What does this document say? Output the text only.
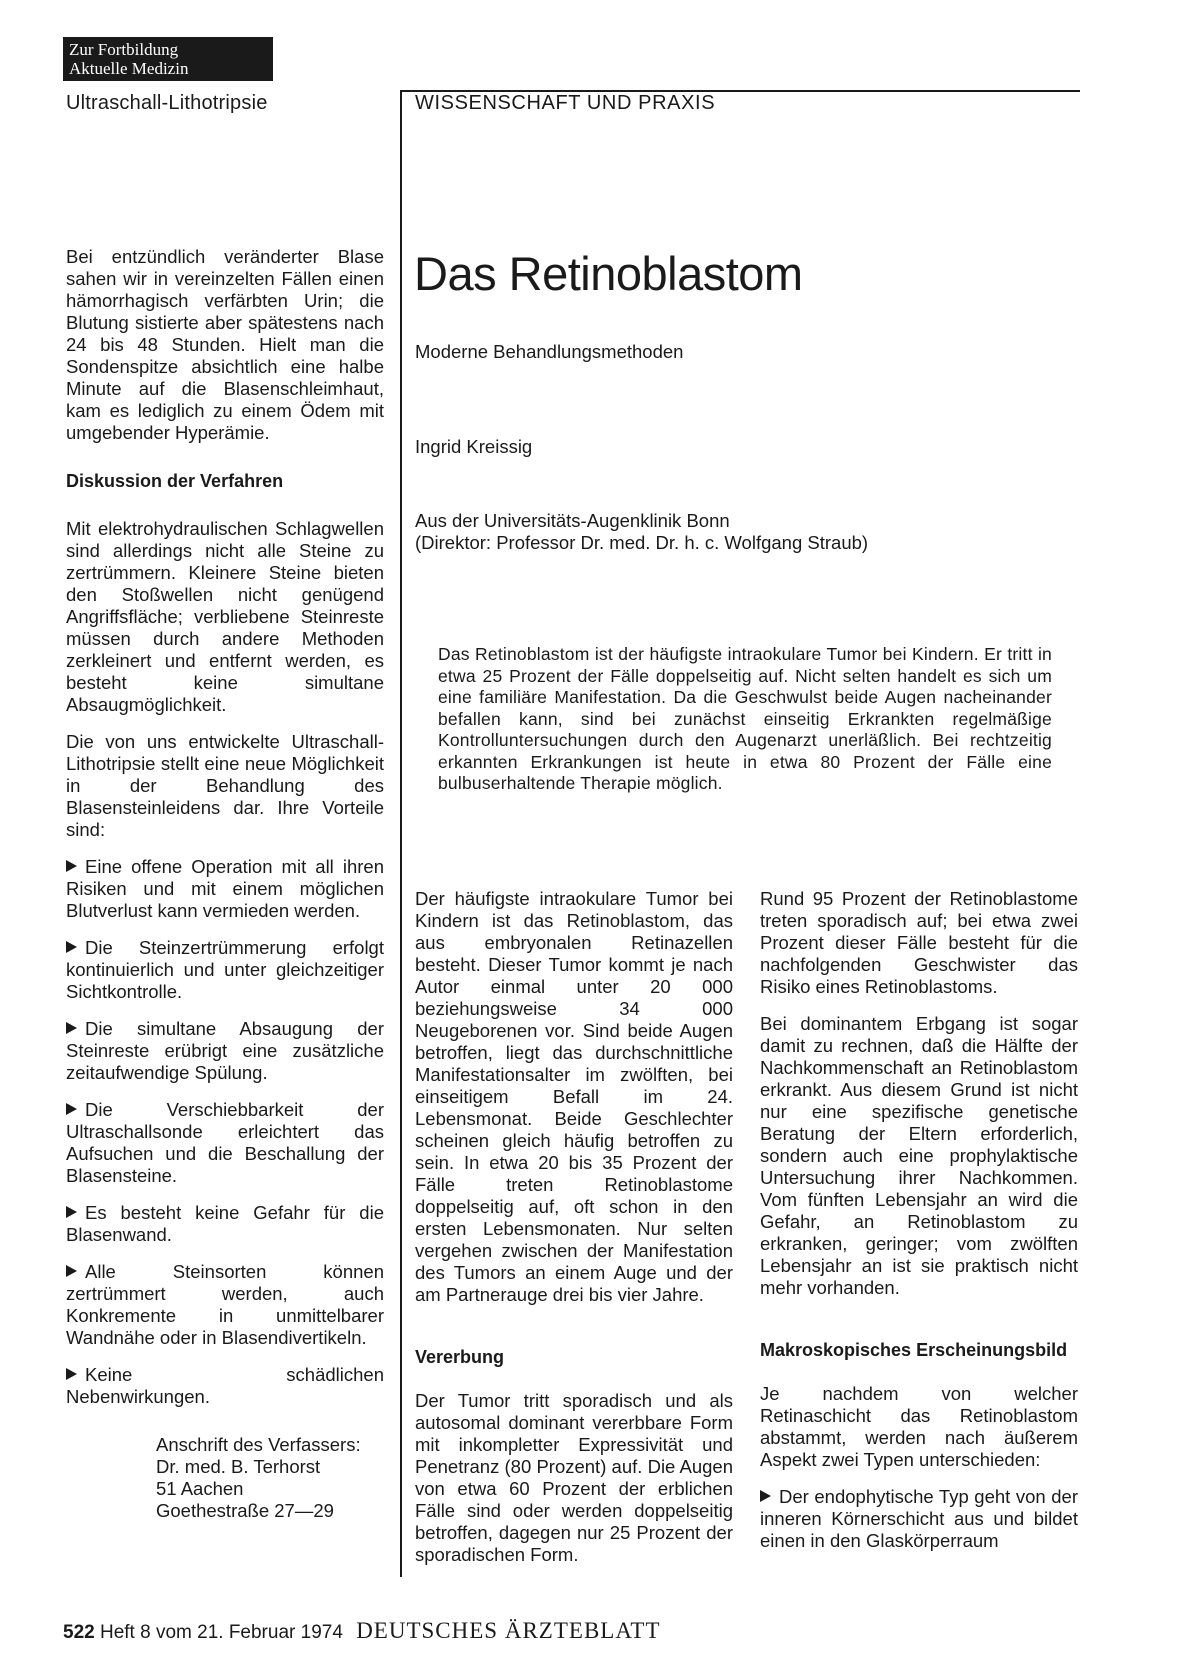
Zur Fortbildung
Aktuelle Medizin
Ultraschall-Lithotripsie	WISSENSCHAFT UND PRAXIS

Bei entzündlich veränderter Blase sahen wir in vereinzelten Fällen einen hämorrhagisch verfärbten Urin; die Blutung sistierte aber spätestens nach 24 bis 48 Stunden. Hielt man die Sondenspitze absichtlich eine halbe Minute auf die Blasenschleimhaut, kam es lediglich zu einem Ödem mit umgebender Hyperämie.

Diskussion der Verfahren

Mit elektrohydraulischen Schlagwellen sind allerdings nicht alle Steine zu zertrümmern. Kleinere Steine bieten den Stoßwellen nicht genügend Angriffsfläche; verbliebene Steinreste müssen durch andere Methoden zerkleinert und entfernt werden, es besteht keine simultane Absaugmöglichkeit.

Die von uns entwickelte Ultraschall-Lithotripsie stellt eine neue Möglichkeit in der Behandlung des Blasensteinleidens dar. Ihre Vorteile sind:

Eine offene Operation mit all ihren Risiken und mit einem möglichen Blutverlust kann vermieden werden.

Die Steinzertrümmerung erfolgt kontinuierlich und unter gleichzeitiger Sichtkontrolle.

Die simultane Absaugung der Steinreste erübrigt eine zusätzliche zeitaufwendige Spülung.

Die Verschiebbarkeit der Ultraschallsonde erleichtert das Aufsuchen und die Beschallung der Blasensteine.

Es besteht keine Gefahr für die Blasenwand.

Alle Steinsorten können zertrümmert werden, auch Konkremente in unmittelbarer Wandnähe oder in Blasendivertikeln.

Keine schädlichen Nebenwirkungen.

Anschrift des Verfassers:
Dr. med. B. Terhorst
51 Aachen
Goethestraße 27—29
Das Retinoblastom
Moderne Behandlungsmethoden
Ingrid Kreissig
Aus der Universitäts-Augenklinik Bonn
(Direktor: Professor Dr. med. Dr. h. c. Wolfgang Straub)
Das Retinoblastom ist der häufigste intraokulare Tumor bei Kindern. Er tritt in etwa 25 Prozent der Fälle doppelseitig auf. Nicht selten handelt es sich um eine familiäre Manifestation. Da die Geschwulst beide Augen nacheinander befallen kann, sind bei zunächst einseitig Erkrankten regelmäßige Kontrolluntersuchungen durch den Augenarzt unerläßlich. Bei rechtzeitig erkannten Erkrankungen ist heute in etwa 80 Prozent der Fälle eine bulbuserhaltende Therapie möglich.

Der häufigste intraokulare Tumor bei Kindern ist das Retinoblastom, das aus embryonalen Retinazellen besteht. Dieser Tumor kommt je nach Autor einmal unter 20 000 beziehungsweise 34 000 Neugeborenen vor. Sind beide Augen betroffen, liegt das durchschnittliche Manifestationsalter im zwölften, bei einseitigem Befall im 24. Lebensmonat. Beide Geschlechter scheinen gleich häufig betroffen zu sein. In etwa 20 bis 35 Prozent der Fälle treten Retinoblastome doppelseitig auf, oft schon in den ersten Lebensmonaten. Nur selten vergehen zwischen der Manifestation des Tumors an einem Auge und der am Partnerauge drei bis vier Jahre.

Vererbung

Der Tumor tritt sporadisch und als autosomal dominant vererbbare Form mit inkompletter Expressivität und Penetranz (80 Prozent) auf. Die Augen von etwa 60 Prozent der erblichen Fälle sind oder werden doppelseitig betroffen, dagegen nur 25 Prozent der sporadischen Form.

Rund 95 Prozent der Retinoblastome treten sporadisch auf; bei etwa zwei Prozent dieser Fälle besteht für die nachfolgenden Geschwister das Risiko eines Retinoblastoms.

Bei dominantem Erbgang ist sogar damit zu rechnen, daß die Hälfte der Nachkommenschaft an Retinoblastom erkrankt. Aus diesem Grund ist nicht nur eine spezifische genetische Beratung der Eltern erforderlich, sondern auch eine prophylaktische Untersuchung ihrer Nachkommen. Vom fünften Lebensjahr an wird die Gefahr, an Retinoblastom zu erkranken, geringer; vom zwölften Lebensjahr an ist sie praktisch nicht mehr vorhanden.

Makroskopisches Erscheinungsbild

Je nachdem von welcher Retinaschicht das Retinoblastom abstammt, werden nach äußerem Aspekt zwei Typen unterschieden:

Der endophytische Typ geht von der inneren Körnerschicht aus und bildet einen in den Glaskörperraum

522 Heft 8 vom 21. Februar 1974 DEUTSCHES ÄRZTEBLATT
